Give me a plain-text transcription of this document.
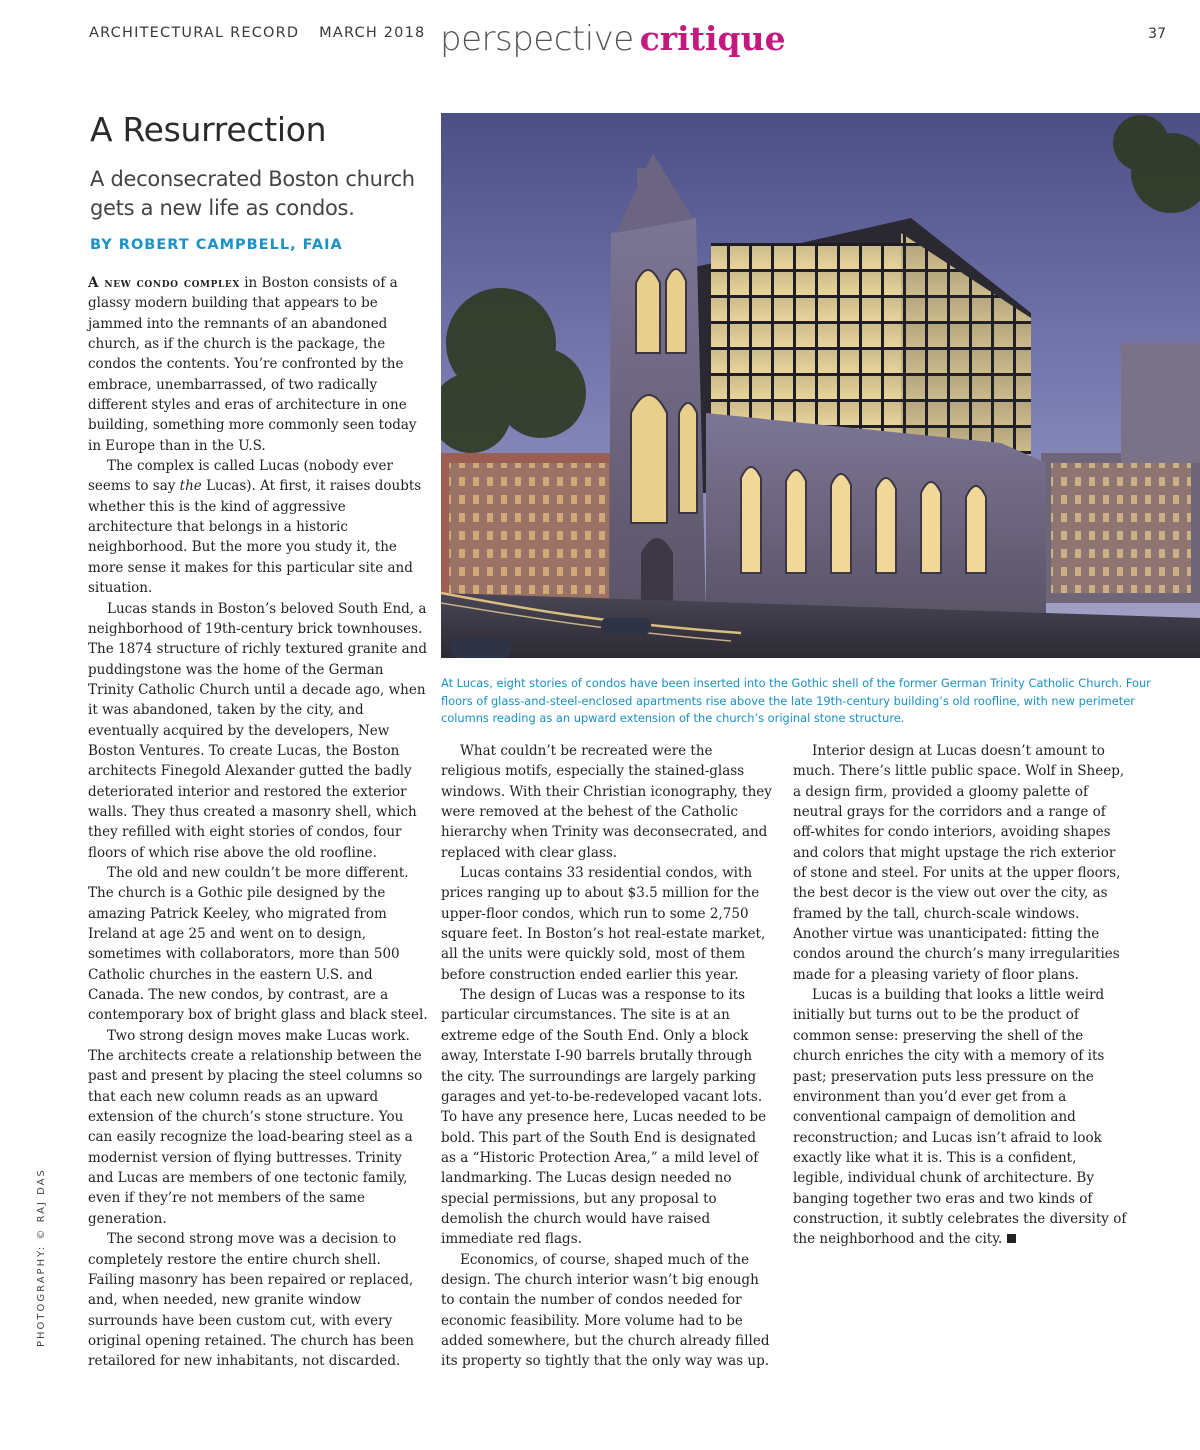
ARCHITECTURAL RECORD MARCH 2018 perspective critique	37
A Resurrection
A deconsecrated Boston church gets a new life as condos.
BY ROBERT CAMPBELL, FAIA
At Lucas, eight stories of condos have been inserted into the Gothic shell of the former German Trinity Catholic Church. Four floors of glass-and-steel-enclosed apartments rise above the late 19th-century building’s old roofline, with new perimeter columns reading as an upward extension of the church’s original stone structure.

A new condo complex in Boston consists of a glassy modern building that appears to be jammed into the remnants of an abandoned church, as if the church is the package, the condos the contents. You’re confronted by the embrace, unembarrassed, of two radically different styles and eras of architecture in one building, something more commonly seen today in Europe than in the U.S.

The complex is called Lucas (nobody ever seems to say the Lucas). At first, it raises doubts whether this is the kind of aggressive architecture that belongs in a historic neighborhood. But the more you study it, the more sense it makes for this particular site and situation.

Lucas stands in Boston’s beloved South End, a neighborhood of 19th-century brick townhouses. The 1874 structure of richly textured granite and puddingstone was the home of the German Trinity Catholic Church until a decade ago, when it was abandoned, taken by the city, and eventually acquired by the developers, New Boston Ventures. To create Lucas, the Boston architects Finegold Alexander gutted the badly deteriorated interior and restored the exterior walls. They thus created a masonry shell, which they refilled with eight stories of condos, four floors of which rise above the old roofline.

The old and new couldn’t be more different. The church is a Gothic pile designed by the amazing Patrick Keeley, who migrated from Ireland at age 25 and went on to design, sometimes with collaborators, more than 500 Catholic churches in the eastern U.S. and Canada. The new condos, by contrast, are a contemporary box of bright glass and black steel.

Two strong design moves make Lucas work. The architects create a relationship between the past and present by placing the steel columns so that each new column reads as an upward extension of the church’s stone structure. You can easily recognize the load-bearing steel as a modernist version of flying buttresses. Trinity and Lucas are members of one tectonic family, even if they’re not members of the same generation.

The second strong move was a decision to completely restore the entire church shell. Failing masonry has been repaired or replaced, and, when needed, new granite window surrounds have been custom cut, with every original opening retained. The church has been retailored for new inhabitants, not discarded.

What couldn’t be recreated were the religious motifs, especially the stained-glass windows. With their Christian iconography, they were removed at the behest of the Catholic hierarchy when Trinity was deconsecrated, and replaced with clear glass.

Lucas contains 33 residential condos, with prices ranging up to about $3.5 million for the upper-floor condos, which run to some 2,750 square feet. In Boston’s hot real-estate market, all the units were quickly sold, most of them before construction ended earlier this year.

The design of Lucas was a response to its particular circumstances. The site is at an extreme edge of the South End. Only a block away, Interstate I-90 barrels brutally through the city. The surroundings are largely parking garages and yet-to-be-redeveloped vacant lots. To have any presence here, Lucas needed to be bold. This part of the South End is designated as a “Historic Protection Area,” a mild level of landmarking. The Lucas design needed no special permissions, but any proposal to demolish the church would have raised immediate red flags.

Economics, of course, shaped much of the design. The church interior wasn’t big enough to contain the number of condos needed for economic feasibility. More volume had to be added somewhere, but the church already filled its property so tightly that the only way was up.

Interior design at Lucas doesn’t amount to much. There’s little public space. Wolf in Sheep, a design firm, provided a gloomy palette of neutral grays for the corridors and a range of off-whites for condo interiors, avoiding shapes and colors that might upstage the rich exterior of stone and steel. For units at the upper floors, the best decor is the view out over the city, as framed by the tall, church-scale windows. Another virtue was unanticipated: fitting the condos around the church’s many irregularities made for a pleasing variety of floor plans.

Lucas is a building that looks a little weird initially but turns out to be the product of common sense: preserving the shell of the church enriches the city with a memory of its past; preservation puts less pressure on the environment than you’d ever get from a conventional campaign of demolition and reconstruction; and Lucas isn’t afraid to look exactly like what it is. This is a confident, legible, individual chunk of architecture. By banging together two eras and two kinds of construction, it subtly celebrates the diversity of the neighborhood and the city.

PHOTOGRAPHY: © RAJ DAS
